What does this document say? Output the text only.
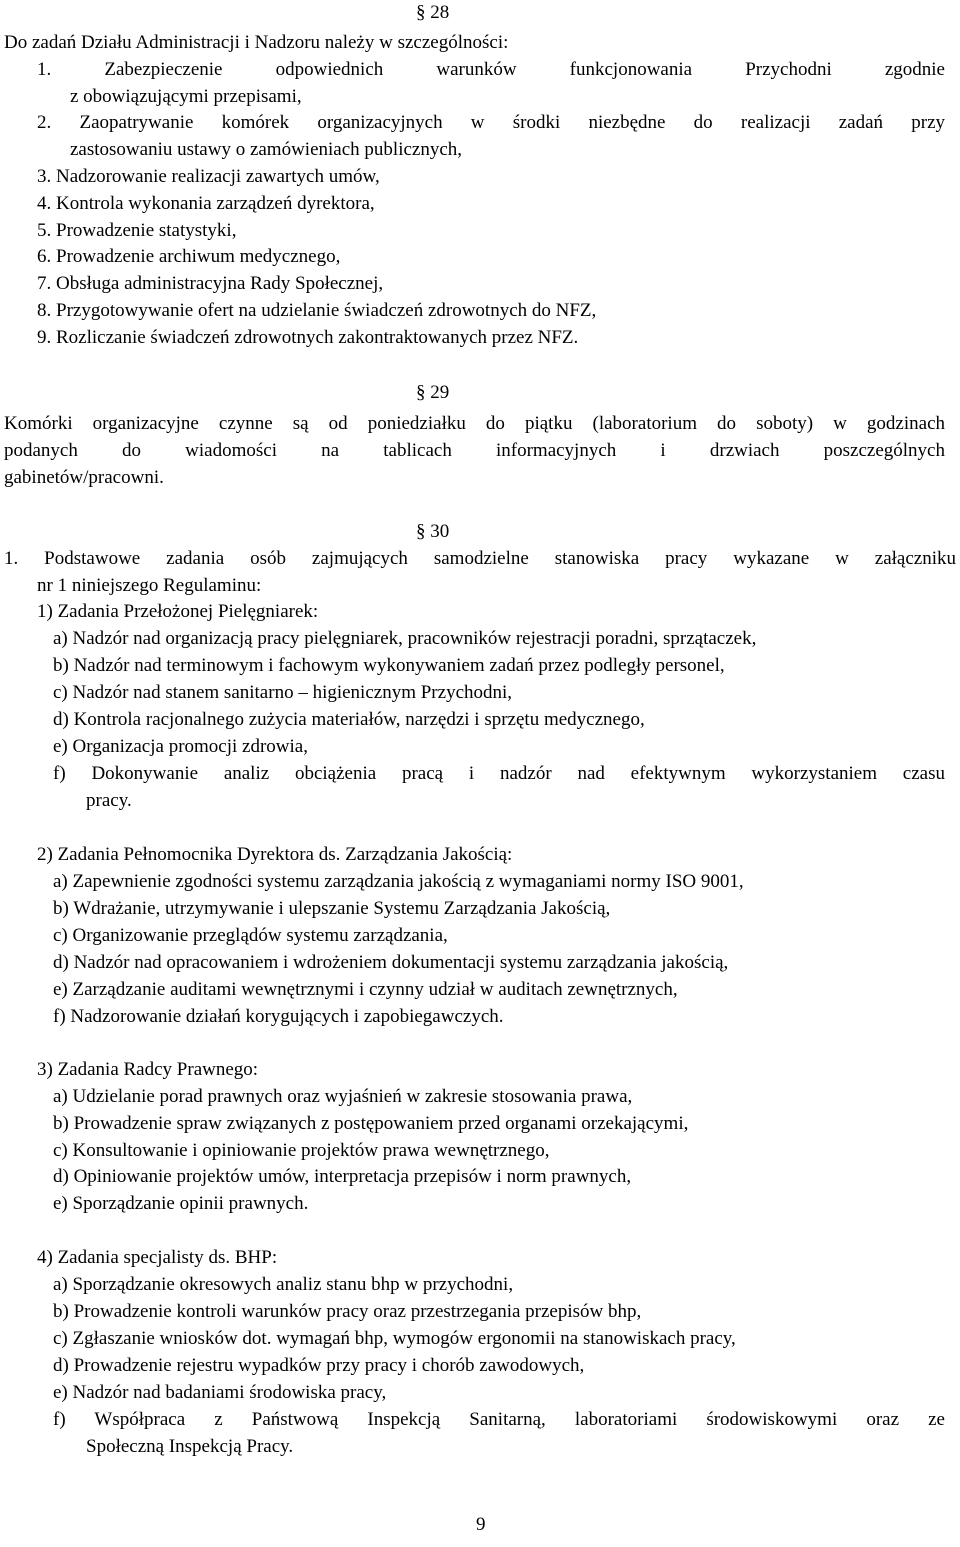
§ 28
Do zadań Działu Administracji i Nadzoru należy w szczególności:
1. Zabezpieczenie odpowiednich warunków funkcjonowania Przychodni zgodnie
z obowiązującymi przepisami,
2. Zaopatrywanie komórek organizacyjnych w środki niezbędne do realizacji zadań przy
zastosowaniu ustawy o zamówieniach publicznych,
3. Nadzorowanie realizacji zawartych umów,
4. Kontrola wykonania zarządzeń dyrektora,
5. Prowadzenie statystyki,
6. Prowadzenie archiwum medycznego,
7. Obsługa administracyjna Rady Społecznej,
8. Przygotowywanie ofert na udzielanie świadczeń zdrowotnych do NFZ,
9. Rozliczanie świadczeń zdrowotnych zakontraktowanych przez NFZ.
§ 29
Komórki organizacyjne czynne są od poniedziałku do piątku (laboratorium do soboty) w godzinach
podanych do wiadomości na tablicach informacyjnych i drzwiach poszczególnych
gabinetów/pracowni.
§ 30
1. Podstawowe zadania osób zajmujących samodzielne stanowiska pracy wykazane w załączniku
nr 1 niniejszego Regulaminu:
1) Zadania Przełożonej Pielęgniarek:
a) Nadzór nad organizacją pracy pielęgniarek, pracowników rejestracji poradni, sprzątaczek,
b) Nadzór nad terminowym i fachowym wykonywaniem zadań przez podległy personel,
c) Nadzór nad stanem sanitarno – higienicznym Przychodni,
d) Kontrola racjonalnego zużycia materiałów, narzędzi i sprzętu medycznego,
e) Organizacja promocji zdrowia,
f) Dokonywanie analiz obciążenia pracą i nadzór nad efektywnym wykorzystaniem czasu
pracy.
2) Zadania Pełnomocnika Dyrektora ds. Zarządzania Jakością:
a) Zapewnienie zgodności systemu zarządzania jakością z wymaganiami normy ISO 9001,
b) Wdrażanie, utrzymywanie i ulepszanie Systemu Zarządzania Jakością,
c) Organizowanie przeglądów systemu zarządzania,
d) Nadzór nad opracowaniem i wdrożeniem dokumentacji systemu zarządzania jakością,
e) Zarządzanie auditami wewnętrznymi i czynny udział w auditach zewnętrznych,
f) Nadzorowanie działań korygujących i zapobiegawczych.
3) Zadania Radcy Prawnego:
a) Udzielanie porad prawnych oraz wyjaśnień w zakresie stosowania prawa,
b) Prowadzenie spraw związanych z postępowaniem przed organami orzekającymi,
c) Konsultowanie i opiniowanie projektów prawa wewnętrznego,
d) Opiniowanie projektów umów, interpretacja przepisów i norm prawnych,
e) Sporządzanie opinii prawnych.
4) Zadania specjalisty ds. BHP:
a) Sporządzanie okresowych analiz stanu bhp w przychodni,
b) Prowadzenie kontroli warunków pracy oraz przestrzegania przepisów bhp,
c) Zgłaszanie wniosków dot. wymagań bhp, wymogów ergonomii na stanowiskach pracy,
d) Prowadzenie rejestru wypadków przy pracy i chorób zawodowych,
e) Nadzór nad badaniami środowiska pracy,
f) Współpraca z Państwową Inspekcją Sanitarną, laboratoriami środowiskowymi oraz ze
Społeczną Inspekcją Pracy.
9
